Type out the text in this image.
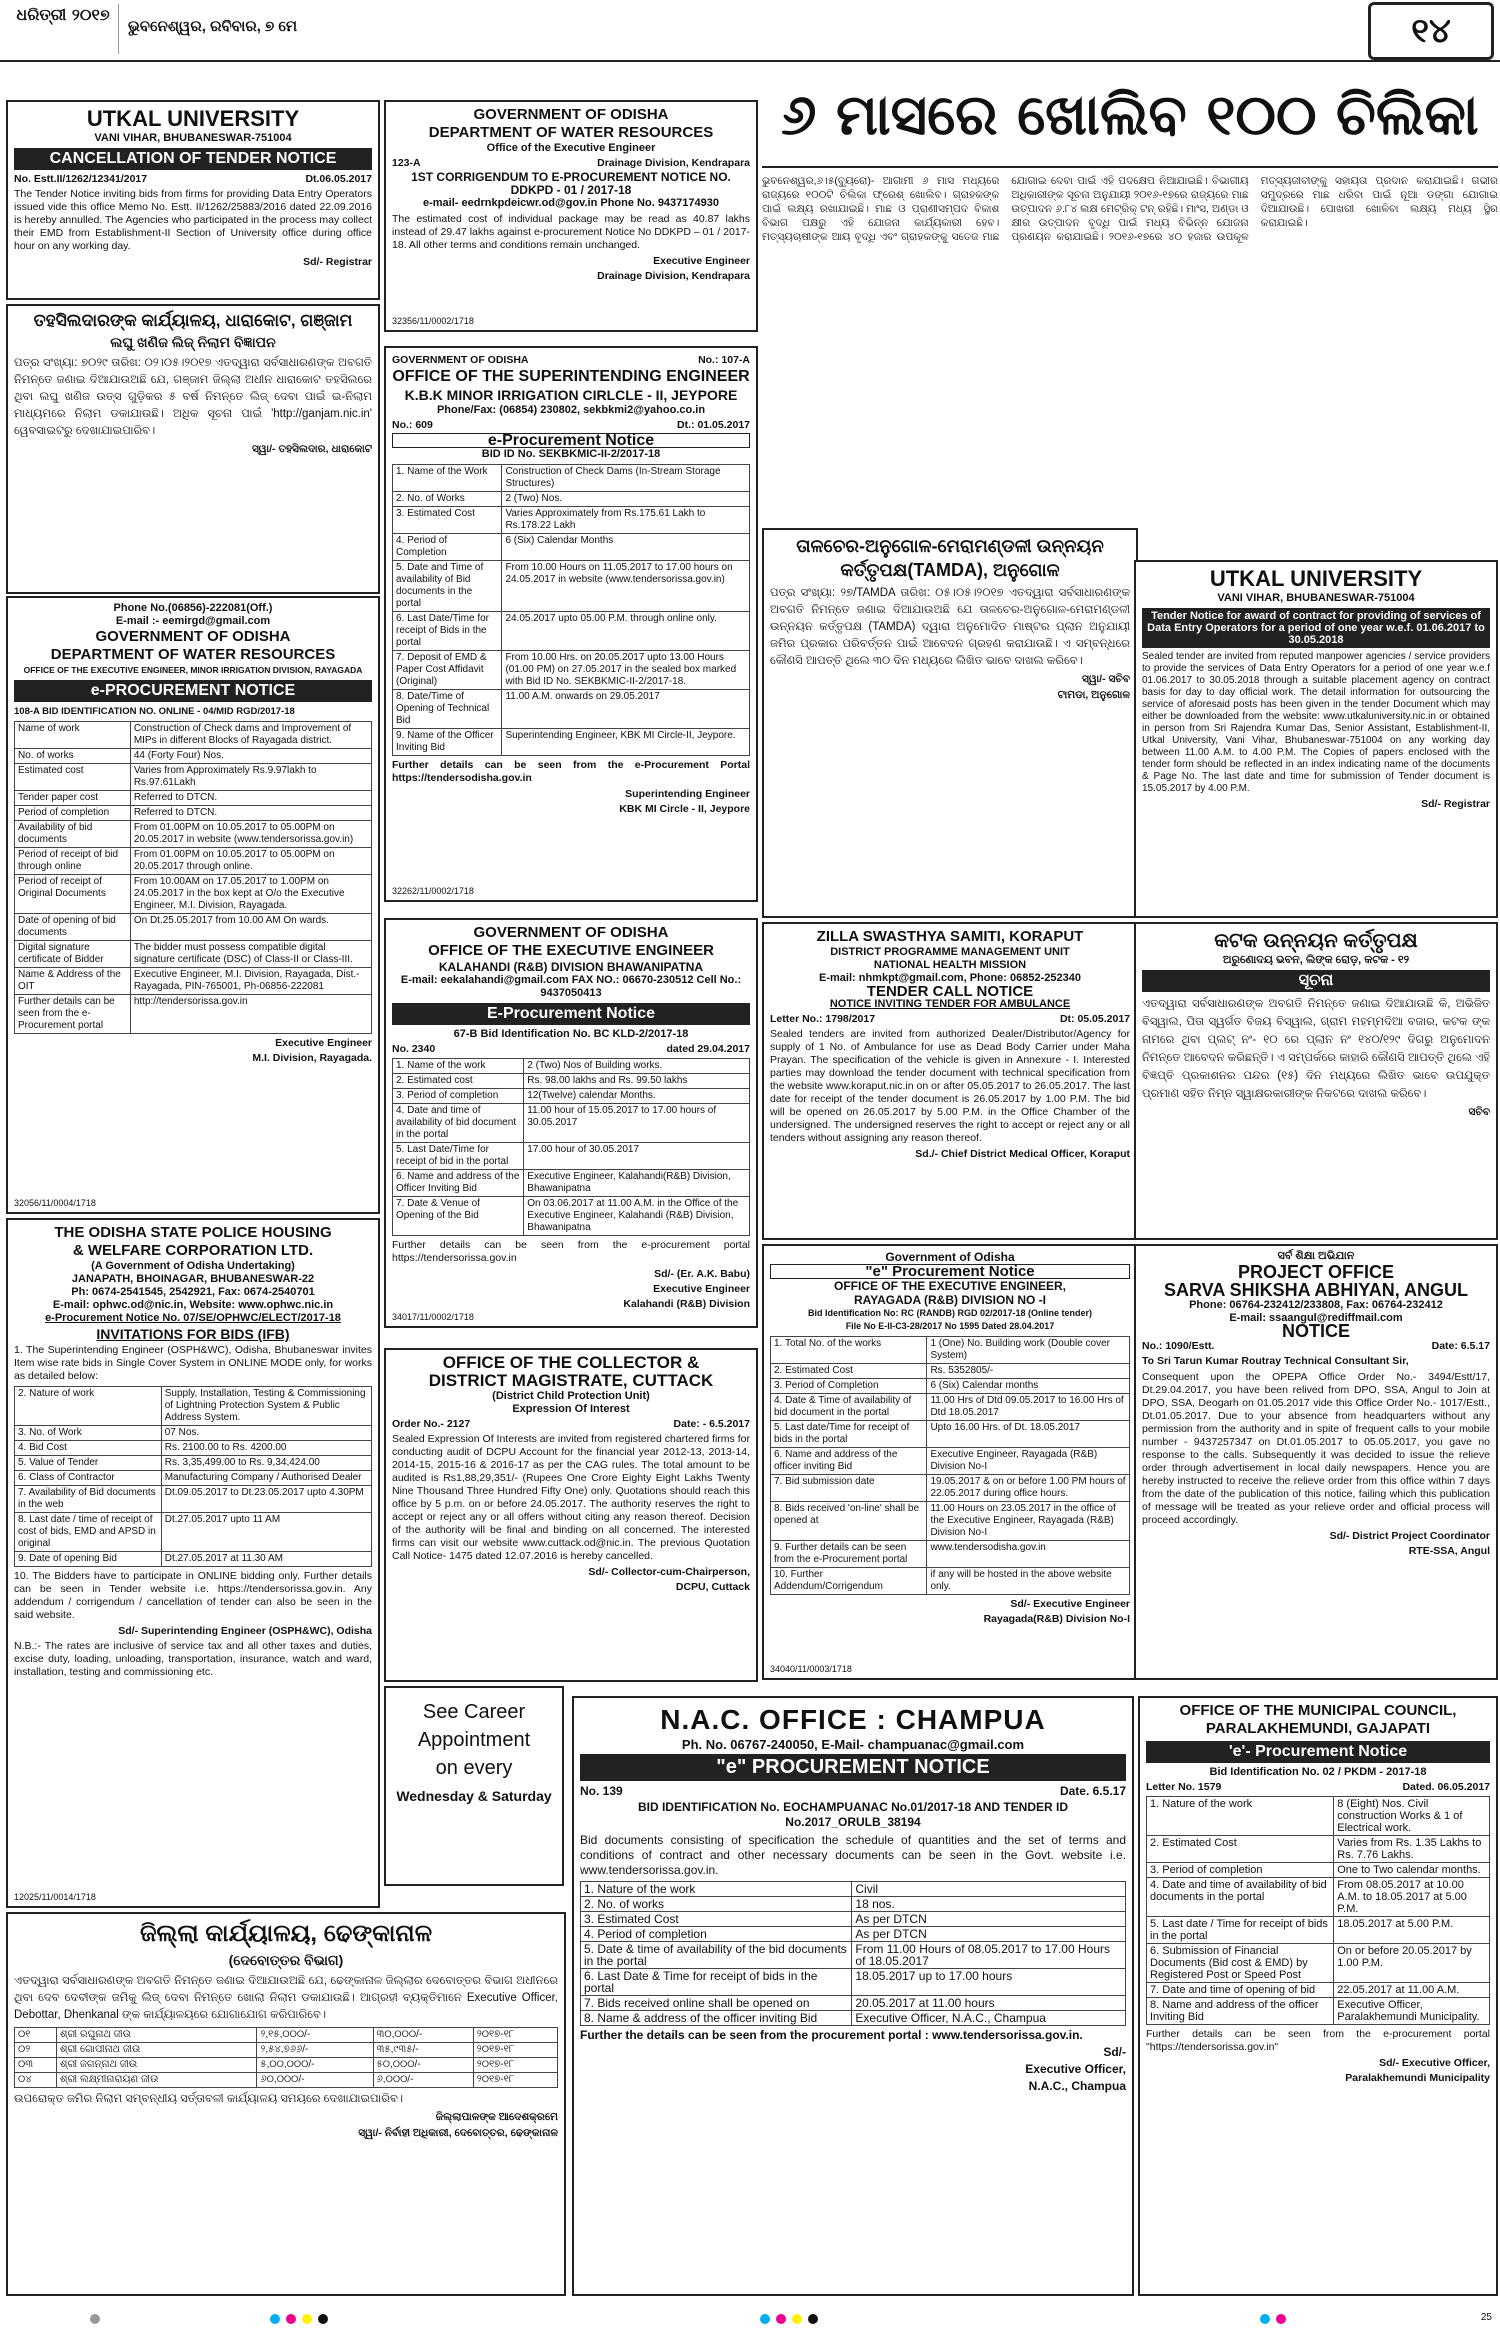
ଧରିତ୍ରୀ ୨୦୧୭
ଭୁବନେଶ୍ୱର, ରବିବାର, ୭ ମେ	୧୪
UTKAL UNIVERSITY
VANI VIHAR, BHUBANESWAR-751004
CANCELLATION OF TENDER NOTICE
No. Estt.II/1262/12341/2017	Dt.06.05.2017
The Tender Notice inviting bids from firms for providing Data Entry Operators issued vide this office Memo No. Estt. II/1262/25883/2016 dated 22.09.2016 is hereby annulled. The Agencies who participated in the process may collect their EMD from Establishment-II Section of University office during office hour on any working day.
Sd/- Registrar
ତହସିଲଦାରଙ୍କ କାର୍ଯ୍ୟାଳୟ, ଧାରାକୋଟ, ଗଞ୍ଜାମ
ଲଘୁ ଖଣିଜ ଲିଜ୍ ନିଲାମ ବିଜ୍ଞାପନ
ପତ୍ର ସଂଖ୍ୟା: ୭୦୨୯ ତାରିଖ: ୦୨।୦୫।୨୦୧୭ ଏତଦ୍ୱାରା ସର୍ବସାଧାରଣଙ୍କ ଅବଗତି ନିମନ୍ତେ ଜଣାଇ ଦିଆଯାଉଅଛି ଯେ, ଗଞ୍ଜାମ ଜିଲ୍ଲା ଅଧୀନ ଧାରାକୋଟ ତହସିଲରେ ଥିବା ଲଘୁ ଖଣିଜ ଉତ୍ସ ଗୁଡ଼ିକର ୫ ବର୍ଷ ନିମନ୍ତେ ଲିଜ୍ ଦେବା ପାଇଁ ଇ-ନିଲାମ ମାଧ୍ୟମରେ ନିଲାମ ଡକାଯାଉଛି। ଅଧିକ ସୂଚନା ପାଇଁ 'http://ganjam.nic.in' ୱେବସାଇଟରୁ ଦେଖାଯାଇପାରିବ।
ସ୍ୱା/- ତହସିଲଦାର, ଧାରାକୋଟ
Phone No.(06856)-222081(Off.)
E-mail :- eemirgd@gmail.com
GOVERNMENT OF ODISHA
DEPARTMENT OF WATER RESOURCES
OFFICE OF THE EXECUTIVE ENGINEER, MINOR IRRIGATION DIVISION, RAYAGADA
e-PROCUREMENT NOTICE
108-A BID IDENTIFICATION NO. ONLINE - 04/MID RGD/2017-18
Name of work	Construction of Check dams and Improvement of MIPs in different Blocks of Rayagada district.
No. of works	44 (Forty Four) Nos.
Estimated cost	Varies from Approximately Rs.9.97lakh to Rs.97.61Lakh
Tender paper cost	Referred to DTCN.
Period of completion	Referred to DTCN.
Availability of bid documents	From 01.00PM on 10.05.2017 to 05.00PM on 20.05.2017 in website (www.tendersorissa.gov.in)
Period of receipt of bid through online	From 01.00PM on 10.05.2017 to 05.00PM on 20.05.2017 through online.
Period of receipt of Original Documents	From 10.00AM on 17.05.2017 to 1.00PM on 24.05.2017 in the box kept at O/o the Executive Engineer, M.I. Division, Rayagada.
Date of opening of bid documents	On Dt.25.05.2017 from 10.00 AM On wards.
Digital signature certificate of Bidder	The bidder must possess compatible digital signature certificate (DSC) of Class-II or Class-III.
Name & Address of the OIT	Executive Engineer, M.I. Division, Rayagada, Dist.-Rayagada, PIN-765001, Ph-06856-222081
Further details can be seen from the e-Procurement portal	http://tendersorissa.gov.in
Executive Engineer
M.I. Division, Rayagada.
32056/11/0004/1718
THE ODISHA STATE POLICE HOUSING
& WELFARE CORPORATION LTD.
(A Government of Odisha Undertaking)
JANAPATH, BHOINAGAR, BHUBANESWAR-22
Ph: 0674-2541545, 2542921, Fax: 0674-2540701
E-mail: ophwc.od@nic.in, Website: www.ophwc.nic.in
e-Procurement Notice No. 07/SE/OPHWC/ELECT/2017-18
INVITATIONS FOR BIDS (IFB)
1. The Superintending Engineer (OSPH&WC), Odisha, Bhubaneswar invites Item wise rate bids in Single Cover System in ONLINE MODE only, for works as detailed below:
2. Nature of work	Supply, Installation, Testing & Commissioning of Lightning Protection System & Public Address System.
3. No. of Work	07 Nos.
4. Bid Cost	Rs. 2100.00 to Rs. 4200.00
5. Value of Tender	Rs. 3,35,499.00 to Rs. 9,34,424.00
6. Class of Contractor	Manufacturing Company / Authorised Dealer
7. Availability of Bid documents in the web	Dt.09.05.2017 to Dt.23.05.2017 upto 4.30PM
8. Last date / time of receipt of cost of bids, EMD and APSD in original	Dt.27.05.2017 upto 11 AM
9. Date of opening Bid	Dt.27.05.2017 at 11.30 AM
10. The Bidders have to participate in ONLINE bidding only. Further details can be seen in Tender website i.e. https://tendersorissa.gov.in. Any addendum / corrigendum / cancellation of tender can also be seen in the said website.
Sd/- Superintending Engineer (OSPH&WC), Odisha
N.B.:- The rates are inclusive of service tax and all other taxes and duties, excise duty, loading, unloading, transportation, insurance, watch and ward, installation, testing and commissioning etc.
12025/11/0014/1718
GOVERNMENT OF ODISHA
DEPARTMENT OF WATER RESOURCES
Office of the Executive Engineer
123-A	Drainage Division, Kendrapara
1ST CORRIGENDUM TO E-PROCUREMENT NOTICE NO. DDKPD - 01 / 2017-18
e-mail- eedrnkpdeicwr.od@gov.in Phone No. 9437174930
The estimated cost of individual package may be read as 40.87 lakhs instead of 29.47 lakhs against e-procurement Notice No DDKPD – 01 / 2017-18. All other terms and conditions remain unchanged.
Executive Engineer
Drainage Division, Kendrapara
32356/11/0002/1718
GOVERNMENT OF ODISHA	No.: 107-A
OFFICE OF THE SUPERINTENDING ENGINEER
K.B.K MINOR IRRIGATION CIRLCLE - II, JEYPORE
Phone/Fax: (06854) 230802, sekbkmi2@yahoo.co.in
No.: 609	Dt.: 01.05.2017
e-Procurement Notice
BID ID No. SEKBKMIC-II-2/2017-18
1. Name of the Work	Construction of Check Dams (In-Stream Storage Structures)
2. No. of Works	2 (Two) Nos.
3. Estimated Cost	Varies Approximately from Rs.175.61 Lakh to Rs.178.22 Lakh
4. Period of Completion	6 (Six) Calendar Months
5. Date and Time of availability of Bid documents in the portal	From 10.00 Hours on 11.05.2017 to 17.00 hours on 24.05.2017 in website (www.tendersorissa.gov.in)
6. Last Date/Time for receipt of Bids in the portal	24.05.2017 upto 05.00 P.M. through online only.
7. Deposit of EMD & Paper Cost Affidavit (Original)	From 10.00 Hrs. on 20.05.2017 upto 13.00 Hours (01.00 PM) on 27.05.2017 in the sealed box marked with Bid ID No. SEKBKMIC-II-2/2017-18.
8. Date/Time of Opening of Technical Bid	11.00 A.M. onwards on 29.05.2017
9. Name of the Officer Inviting Bid	Superintending Engineer, KBK MI Circle-II, Jeypore.
Further details can be seen from the e-Procurement Portal https://tendersodisha.gov.in
Superintending Engineer
KBK MI Circle - II, Jeypore
32262/11/0002/1718
GOVERNMENT OF ODISHA
OFFICE OF THE EXECUTIVE ENGINEER
KALAHANDI (R&B) DIVISION BHAWANIPATNA
E-mail: eekalahandi@gmail.com FAX NO.: 06670-230512 Cell No.: 9437050413
E-Procurement Notice
67-B Bid Identification No. BC KLD-2/2017-18
No. 2340	dated 29.04.2017
1. Name of the work	2 (Two) Nos of Building works.
2. Estimated cost	Rs. 98.00 lakhs and Rs. 99.50 lakhs
3. Period of completion	12(Twelve) calendar Months.
4. Date and time of availability of bid document in the portal	11.00 hour of 15.05.2017 to 17.00 hours of 30.05.2017
5. Last Date/Time for receipt of bid in the portal	17.00 hour of 30.05.2017
6. Name and address of the Officer Inviting Bid	Executive Engineer, Kalahandi(R&B) Division, Bhawanipatna
7. Date & Venue of Opening of the Bid	On 03.06.2017 at 11.00 A.M. in the Office of the Executive Engineer, Kalahandi (R&B) Division, Bhawanipatna
Further details can be seen from the e-procurement portal https://tendersorissa.gov.in
Sd/- (Er. A.K. Babu)
Executive Engineer
Kalahandi (R&B) Division
34017/11/0002/1718
OFFICE OF THE COLLECTOR &
DISTRICT MAGISTRATE, CUTTACK
(District Child Protection Unit)
Expression Of Interest
Order No.- 2127	Date: - 6.5.2017
Sealed Expression Of Interests are invited from registered chartered firms for conducting audit of DCPU Account for the financial year 2012-13, 2013-14, 2014-15, 2015-16 & 2016-17 as per the CAG rules. The total amount to be audited is Rs1,88,29,351/- (Rupees One Crore Eighty Eight Lakhs Twenty Nine Thousand Three Hundred Fifty One) only. Quotations should reach this office by 5 p.m. on or before 24.05.2017. The authority reserves the right to accept or reject any or all offers without citing any reason thereof. Decision of the authority will be final and binding on all concerned. The interested firms can visit our website www.cuttack.od@nic.in. The previous Quotation Call Notice- 1475 dated 12.07.2016 is hereby cancelled.
Sd/- Collector-cum-Chairperson,
DCPU, Cuttack
See Career
Appointment
on every
Wednesday & Saturday
୬ ମାସରେ ଖୋଲିବ ୧୦୦ ଚିଲିକା
ଭୁବନେଶ୍ୱର,୬।୫(ବ୍ୟୁରୋ)- ଆଗାମୀ ୬ ମାସ ମଧ୍ୟରେ ରାଜ୍ୟରେ ୧୦୦ଟି ଚିଲିକା ଫ୍ରେଶ୍ ଖୋଲିବ। ଗ୍ରାହକଙ୍କ ପାଇଁ ଲକ୍ଷ୍ୟ ରଖାଯାଇଛି। ମାଛ ଓ ପ୍ରାଣୀସମ୍ପଦ ବିକାଶ ବିଭାଗ ପକ୍ଷରୁ ଏହି ଯୋଜନା କାର୍ଯ୍ୟକାରୀ ହେବ। ମତ୍ସ୍ୟଚାଷୀଙ୍କ ଆୟ ବୃଦ୍ଧି ଏବଂ ଗ୍ରାହକଙ୍କୁ ସତେଜ ମାଛ ଯୋଗାଇ ଦେବା ପାଇଁ ଏହି ପଦକ୍ଷେପ ନିଆଯାଇଛି। ବିଭାଗୀୟ ଅଧିକାରୀଙ୍କ ସୂଚନା ଅନୁଯାୟୀ ୨୦୧୬-୧୭ରେ ରାଜ୍ୟରେ ମାଛ ଉତ୍ପାଦନ ୬.୮୪ ଲକ୍ଷ ମେଟ୍ରିକ୍ ଟନ୍ ରହିଛି। ମାଂସ, ଅଣ୍ଡା ଓ କ୍ଷୀର ଉତ୍ପାଦନ ବୃଦ୍ଧି ପାଇଁ ମଧ୍ୟ ବିଭିନ୍ନ ଯୋଜନା ପ୍ରଣୟନ କରାଯାଇଛି। ୨୦୧୬-୧୭ରେ ୪୦ ହଜାର ଉପକୂଳ ମତ୍ସ୍ୟଜୀବୀଙ୍କୁ ସହାୟତା ପ୍ରଦାନ କରାଯାଇଛି। ଗଭୀର ସମୁଦ୍ରରେ ମାଛ ଧରିବା ପାଇଁ ନୂଆ ଡଙ୍ଗା ଯୋଗାଇ ଦିଆଯାଉଛି। ପୋଖରୀ ଖୋଳିବା ଲକ୍ଷ୍ୟ ମଧ୍ୟ ସ୍ଥିର କରାଯାଇଛି।
ତାଳଚେର-ଅନୁଗୋଳ-ମେରାମଣ୍ଡଳୀ ଉନ୍ନୟନ କର୍ତ୍ତୃପକ୍ଷ(TAMDA), ଅନୁଗୋଳ
ପତ୍ର ସଂଖ୍ୟା: ୨୭/TAMDA ତାରିଖ: ୦୫।୦୫।୨୦୧୭ ଏତଦ୍ୱାରା ସର୍ବସାଧାରଣଙ୍କ ଅବଗତି ନିମନ୍ତେ ଜଣାଇ ଦିଆଯାଉଅଛି ଯେ ତାଳଚେର-ଅନୁଗୋଳ-ମେରାମଣ୍ଡଳୀ ଉନ୍ନୟନ କର୍ତ୍ତୃପକ୍ଷ (TAMDA) ଦ୍ୱାରା ଅନୁମୋଦିତ ମାଷ୍ଟର ପ୍ଲାନ ଅନୁଯାୟୀ ଜମିର ପ୍ରକାର ପରିବର୍ତ୍ତନ ପାଇଁ ଆବେଦନ ଗ୍ରହଣ କରାଯାଉଛି। ଏ ସମ୍ବନ୍ଧରେ କୌଣସି ଆପତ୍ତି ଥିଲେ ୩୦ ଦିନ ମଧ୍ୟରେ ଲିଖିତ ଭାବେ ଦାଖଲ କରିବେ।
ସ୍ୱା/- ସଚିବ
ଟାମଡା, ଅନୁଗୋଳ
UTKAL UNIVERSITY
VANI VIHAR, BHUBANESWAR-751004
Tender Notice for award of contract for providing of services of Data Entry Operators for a period of one year w.e.f. 01.06.2017 to 30.05.2018
Sealed tender are invited from reputed manpower agencies / service providers to provide the services of Data Entry Operators for a period of one year w.e.f 01.06.2017 to 30.05.2018 through a suitable placement agency on contract basis for day to day official work. The detail information for outsourcing the service of aforesaid posts has been given in the tender Document which may either be downloaded from the website: www.utkaluniversity.nic.in or obtained in person from Sri Rajendra Kumar Das, Senior Assistant, Establishment-II, Utkal University, Vani Vihar, Bhubaneswar-751004 on any working day between 11.00 A.M. to 4.00 P.M. The Copies of papers enclosed with the tender form should be reflected in an index indicating name of the documents & Page No. The last date and time for submission of Tender document is 15.05.2017 by 4.00 P.M.
Sd/- Registrar
ZILLA SWASTHYA SAMITI, KORAPUT
DISTRICT PROGRAMME MANAGEMENT UNIT
NATIONAL HEALTH MISSION
E-mail: nhmkpt@gmail.com, Phone: 06852-252340
TENDER CALL NOTICE
NOTICE INVITING TENDER FOR AMBULANCE
Letter No.: 1798/2017	Dt: 05.05.2017
Sealed tenders are invited from authorized Dealer/Distributor/Agency for supply of 1 No. of Ambulance for use as Dead Body Carrier under Maha Prayan. The specification of the vehicle is given in Annexure - I. Interested parties may download the tender document with technical specification from the website www.koraput.nic.in on or after 05.05.2017 to 26.05.2017. The last date for receipt of the tender document is 26.05.2017 by 1.00 P.M. The bid will be opened on 26.05.2017 by 5.00 P.M. in the Office Chamber of the undersigned. The undersigned reserves the right to accept or reject any or all tenders without assigning any reason thereof.
Sd./- Chief District Medical Officer, Koraput
କଟକ ଉନ୍ନୟନ କର୍ତ୍ତୃପକ୍ଷ
ଅରୁଣୋଦୟ ଭବନ, ଲିଙ୍କ ରୋଡ଼, କଟକ - ୧୨
ସୂଚନା
ଏତଦ୍ୱାରା ସର୍ବସାଧାରଣଙ୍କ ଅବଗତି ନିମନ୍ତେ ଜଣାଇ ଦିଆଯାଉଛି କି, ଅଭିଜିତ ବିସ୍ୱାଲ, ପିତା ସ୍ୱର୍ଗତ ବିଜୟ ବିସ୍ୱାଲ, ଗ୍ରାମ ମହମ୍ମଦିଆ ବଜାର, କଟକ ଙ୍କ ନାମରେ ଥିବା ପ୍ଲଟ୍ ନଂ- ୧୦ ରେ ପ୍ଲାନ ନଂ ୧୪୦/୧୨୯ ଦିଗରୁ ଅନୁମୋଦନ ନିମନ୍ତେ ଆବେଦନ କରିଛନ୍ତି। ଏ ସମ୍ପର୍କରେ କାହାରି କୌଣସି ଆପତ୍ତି ଥିଲେ ଏହି ବିଜ୍ଞପ୍ତି ପ୍ରକାଶନର ପନ୍ଦର (୧୫) ଦିନ ମଧ୍ୟରେ ଲିଖିତ ଭାବେ ଉପଯୁକ୍ତ ପ୍ରମାଣ ସହିତ ନିମ୍ନ ସ୍ୱାକ୍ଷରକାରୀଙ୍କ ନିକଟରେ ଦାଖଲ କରିବେ।
ସଚିବ
Government of Odisha
"e" Procurement Notice
OFFICE OF THE EXECUTIVE ENGINEER,
RAYAGADA (R&B) DIVISION NO -I
Bid Identification No: RC (RANDB) RGD 02/2017-18 (Online tender)
File No E-II-C3-28/2017 No 1595 Dated 28.04.2017
1. Total No. of the works	1 (One) No. Building work (Double cover System)
2. Estimated Cost	Rs. 5352805/-
3. Period of Completion	6 (Six) Calendar months
4. Date & Time of availability of bid document in the portal	11.00 Hrs of Dtd 09.05.2017 to 16.00 Hrs of Dtd 18.05.2017
5. Last date/Time for receipt of bids in the portal	Upto 16.00 Hrs. of Dt. 18.05.2017
6. Name and address of the officer inviting Bid	Executive Engineer, Rayagada (R&B) Division No-I
7. Bid submission date	19.05.2017 & on or before 1.00 PM hours of 22.05.2017 during office hours.
8. Bids received 'on-line' shall be opened at	11.00 Hours on 23.05.2017 in the office of the Executive Engineer, Rayagada (R&B) Division No-I
9. Further details can be seen from the e-Procurement portal	www.tendersodisha.gov.in
10. Further Addendum/Corrigendum	if any will be hosted in the above website only.
Sd/- Executive Engineer
Rayagada(R&B) Division No-I
34040/11/0003/1718
ସର୍ବ ଶିକ୍ଷା ଅଭିଯାନ
PROJECT OFFICE
SARVA SHIKSHA ABHIYAN, ANGUL
Phone: 06764-232412/233808, Fax: 06764-232412
E-mail: ssaangul@rediffmail.com
NOTICE
No.: 1090/Estt.	Date: 6.5.17
To Sri Tarun Kumar Routray Technical Consultant Sir,
Consequent upon the OPEPA Office Order No.- 3494/Estt/17, Dt.29.04.2017, you have been relived from DPO, SSA, Angul to Join at DPO, SSA, Deogarh on 01.05.2017 vide this Office Order No.- 1017/Estt., Dt.01.05.2017. Due to your absence from headquarters without any permission from the authority and in spite of frequent calls to your mobile number - 9437257347 on Dt.01.05.2017 to 05.05.2017, you gave no response to the calls. Subsequently it was decided to issue the relieve order through advertisement in local daily newspapers. Hence you are hereby instructed to receive the relieve order from this office within 7 days from the date of the publication of this notice, failing which this publication of message will be treated as your relieve order and official process will proceed accordingly.
Sd/- District Project Coordinator
RTE-SSA, Angul
N.A.C. OFFICE : CHAMPUA
Ph. No. 06767-240050, E-Mail- champuanac@gmail.com
"e" PROCUREMENT NOTICE
No. 139	Date. 6.5.17
BID IDENTIFICATION No. EOCHAMPUANAC No.01/2017-18 AND TENDER ID No.2017_ORULB_38194
Bid documents consisting of specification the schedule of quantities and the set of terms and conditions of contract and other necessary documents can be seen in the Govt. website i.e. www.tendersorissa.gov.in.
1. Nature of the work	Civil
2. No. of works	18 nos.
3. Estimated Cost	As per DTCN
4. Period of completion	As per DTCN
5. Date & time of availability of the bid documents in the portal	From 11.00 Hours of 08.05.2017 to 17.00 Hours of 18.05.2017
6. Last Date & Time for receipt of bids in the portal	18.05.2017 up to 17.00 hours
7. Bids received online shall be opened on	20.05.2017 at 11.00 hours
8. Name & address of the officer inviting Bid	Executive Officer, N.A.C., Champua
Further the details can be seen from the procurement portal : www.tendersorissa.gov.in.
Sd/-
Executive Officer,
N.A.C., Champua
OFFICE OF THE MUNICIPAL COUNCIL,
PARALAKHEMUNDI, GAJAPATI
'e'- Procurement Notice
Bid Identification No. 02 / PKDM - 2017-18
Letter No. 1579	Dated. 06.05.2017
1. Nature of the work	8 (Eight) Nos. Civil construction Works & 1 of Electrical work.
2. Estimated Cost	Varies from Rs. 1.35 Lakhs to Rs. 7.76 Lakhs.
3. Period of completion	One to Two calendar months.
4. Date and time of availability of bid documents in the portal	From 08.05.2017 at 10.00 A.M. to 18.05.2017 at 5.00 P.M.
5. Last date / Time for receipt of bids in the portal	18.05.2017 at 5.00 P.M.
6. Submission of Financial Documents (Bid cost & EMD) by Registered Post or Speed Post	On or before 20.05.2017 by 1.00 P.M.
7. Date and time of opening of bid	22.05.2017 at 11.00 A.M.
8. Name and address of the officer Inviting Bid	Executive Officer, Paralakhemundi Municipality.
Further details can be seen from the e-procurement portal "https://tendersorissa.gov.in"
Sd/- Executive Officer,
Paralakhemundi Municipality
ଜିଲ୍ଲା କାର୍ଯ୍ୟାଳୟ, ଢେଙ୍କାନାଳ
(ଦେବୋତ୍ତର ବିଭାଗ)
ଏତଦ୍ୱାରା ସର୍ବସାଧାରଣଙ୍କ ଅବଗତି ନିମନ୍ତେ ଜଣାଇ ଦିଆଯାଉଅଛି ଯେ, ଢେଙ୍କାନାଳ ଜିଲ୍ଲାର ଦେବୋତ୍ତର ବିଭାଗ ଅଧୀନରେ ଥିବା ଦେବ ଦେବୀଙ୍କ ଜମିକୁ ଲିଜ୍ ଦେବା ନିମନ୍ତେ ଖୋଲା ନିଲାମ ଡକାଯାଉଛି। ଆଗ୍ରହୀ ବ୍ୟକ୍ତିମାନେ Executive Officer, Debottar, Dhenkanal ଙ୍କ କାର୍ଯ୍ୟାଳୟରେ ଯୋଗାଯୋଗ କରିପାରିବେ।
୦୧	ଶ୍ରୀ ରଘୁନାଥ ଜୀଉ	୨,୧୫,୦୦୦/-	୩୦,୦୦୦/-	୨୦୧୭-୧୮
୦୨	ଶ୍ରୀ ଗୋପୀନାଥ ଜୀଉ	୨,୫୪,୭୬୬/-	୩୫,୯୩୫/-	୨୦୧୭-୧୮
୦୩	ଶ୍ରୀ ଜଗନ୍ନାଥ ଜୀଉ	୫,୦୦,୦୦୦/-	୫୦,୦୦୦/-	୨୦୧୭-୧୮
୦୪	ଶ୍ରୀ ଲକ୍ଷ୍ମୀନାରାୟଣ ଜୀଉ	୬୦,୦୦୦/-	୬,୦୦୦/-	୨୦୧୭-୧୮
ଉପରୋକ୍ତ ଜମିର ନିଲାମ ସମ୍ବନ୍ଧୀୟ ସର୍ତ୍ତାବଳୀ କାର୍ଯ୍ୟାଳୟ ସମୟରେ ଦେଖାଯାଇପାରିବ।
ଜିଲ୍ଲାପାଳଙ୍କ ଆଦେଶକ୍ରମେ
ସ୍ୱା/- ନିର୍ବାହୀ ଅଧିକାରୀ, ଦେବୋତ୍ତର, ଢେଙ୍କାନାଳ
25
